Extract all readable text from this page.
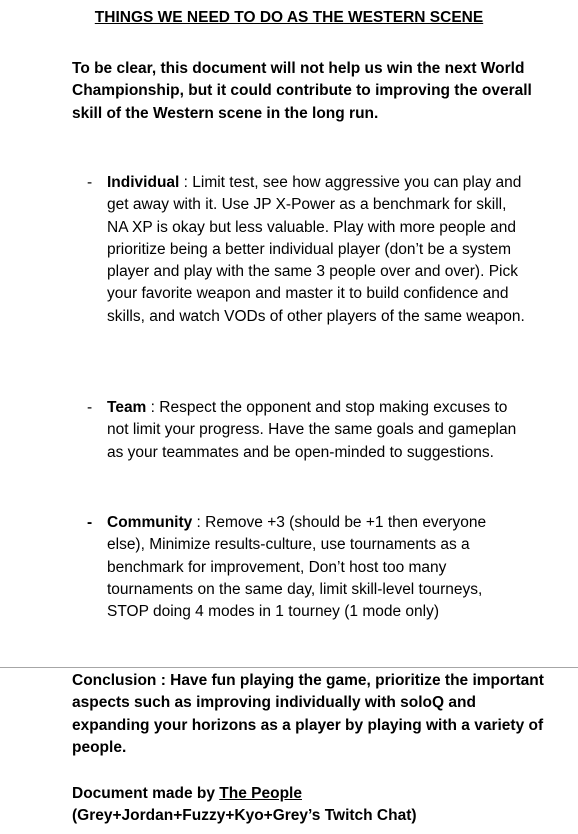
THINGS WE NEED TO DO AS THE WESTERN SCENE
To be clear, this document will not help us win the next World Championship, but it could contribute to improving the overall skill of the Western scene in the long run.
- Individual : Limit test, see how aggressive you can play and get away with it. Use JP X-Power as a benchmark for skill, NA XP is okay but less valuable. Play with more people and prioritize being a better individual player (don’t be a system player and play with the same 3 people over and over). Pick your favorite weapon and master it to build confidence and skills, and watch VODs of other players of the same weapon.
- Team : Respect the opponent and stop making excuses to not limit your progress. Have the same goals and gameplan as your teammates and be open-minded to suggestions.
- Community : Remove +3 (should be +1 then everyone else), Minimize results-culture, use tournaments as a benchmark for improvement, Don’t host too many tournaments on the same day, limit skill-level tourneys, STOP doing 4 modes in 1 tourney (1 mode only)
Conclusion : Have fun playing the game, prioritize the important aspects such as improving individually with soloQ and expanding your horizons as a player by playing with a variety of people.
Document made by The People
(Grey+Jordan+Fuzzy+Kyo+Grey’s Twitch Chat)
